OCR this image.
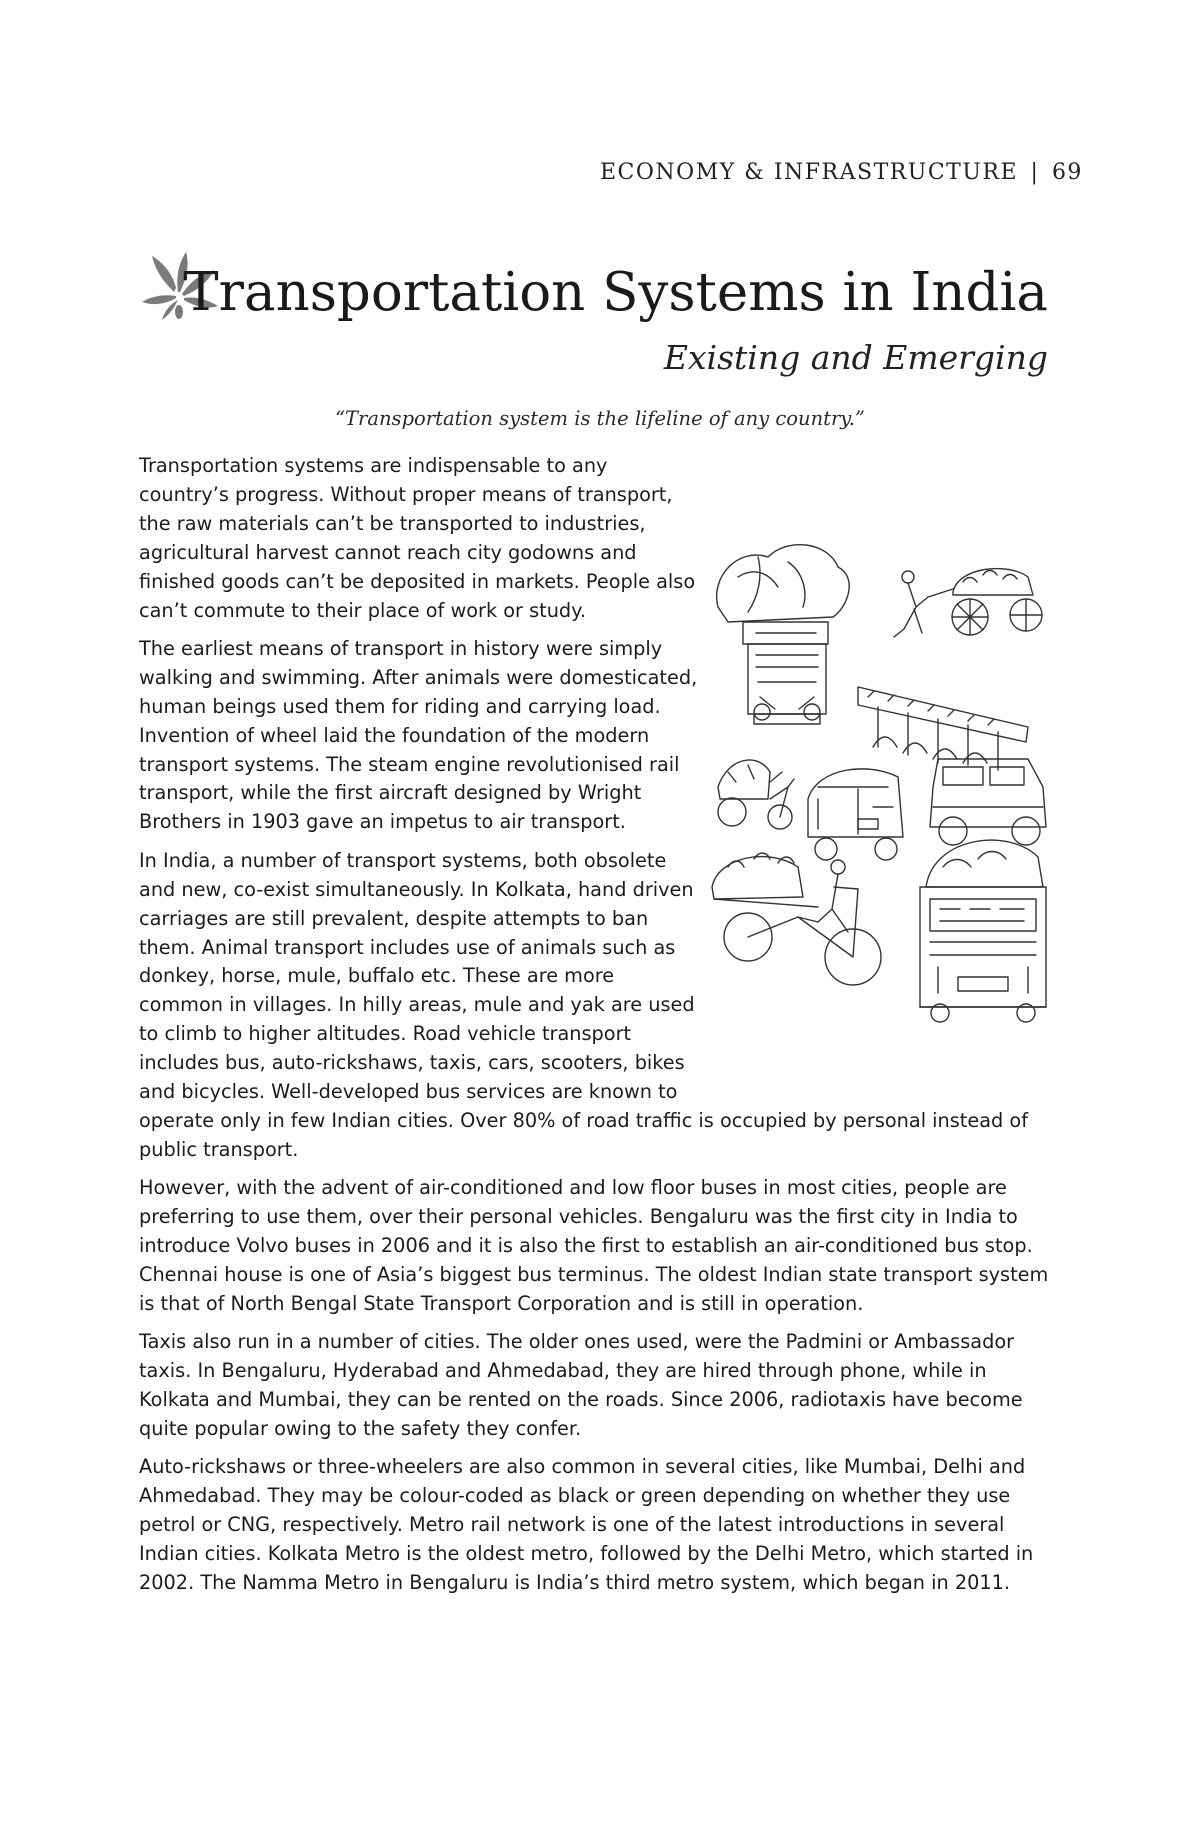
ECONOMY & INFRASTRUCTURE | 69
Transportation Systems in India
Existing and Emerging
“Transportation system is the lifeline of any country.”

Transportation systems are indispensable to any country’s progress. Without proper means of transport, the raw materials can’t be transported to industries, agricultural harvest cannot reach city godowns and finished goods can’t be deposited in markets. People also can’t commute to their place of work or study.

The earliest means of transport in history were simply walking and swimming. After animals were domesticated, human beings used them for riding and carrying load. Invention of wheel laid the foundation of the modern transport systems. The steam engine revolutionised rail transport, while the first aircraft designed by Wright Brothers in 1903 gave an impetus to air transport.

In India, a number of transport systems, both obsolete and new, co-exist simultaneously. In Kolkata, hand driven carriages are still prevalent, despite attempts to ban them. Animal transport includes use of animals such as donkey, horse, mule, buffalo etc. These are more common in villages. In hilly areas, mule and yak are used to climb to higher altitudes. Road vehicle transport includes bus, auto-rickshaws, taxis, cars, scooters, bikes and bicycles. Well-developed bus services are known to operate only in few Indian cities. Over 80% of road traffic is occupied by personal instead of public transport.

However, with the advent of air-conditioned and low floor buses in most cities, people are preferring to use them, over their personal vehicles. Bengaluru was the first city in India to introduce Volvo buses in 2006 and it is also the first to establish an air-conditioned bus stop. Chennai house is one of Asia’s biggest bus terminus. The oldest Indian state transport system is that of North Bengal State Transport Corporation and is still in operation.

Taxis also run in a number of cities. The older ones used, were the Padmini or Ambassador taxis. In Bengaluru, Hyderabad and Ahmedabad, they are hired through phone, while in Kolkata and Mumbai, they can be rented on the roads. Since 2006, radiotaxis have become quite popular owing to the safety they confer.

Auto-rickshaws or three-wheelers are also common in several cities, like Mumbai, Delhi and Ahmedabad. They may be colour-coded as black or green depending on whether they use petrol or CNG, respectively. Metro rail network is one of the latest introductions in several Indian cities. Kolkata Metro is the oldest metro, followed by the Delhi Metro, which started in 2002. The Namma Metro in Bengaluru is India’s third metro system, which began in 2011.
